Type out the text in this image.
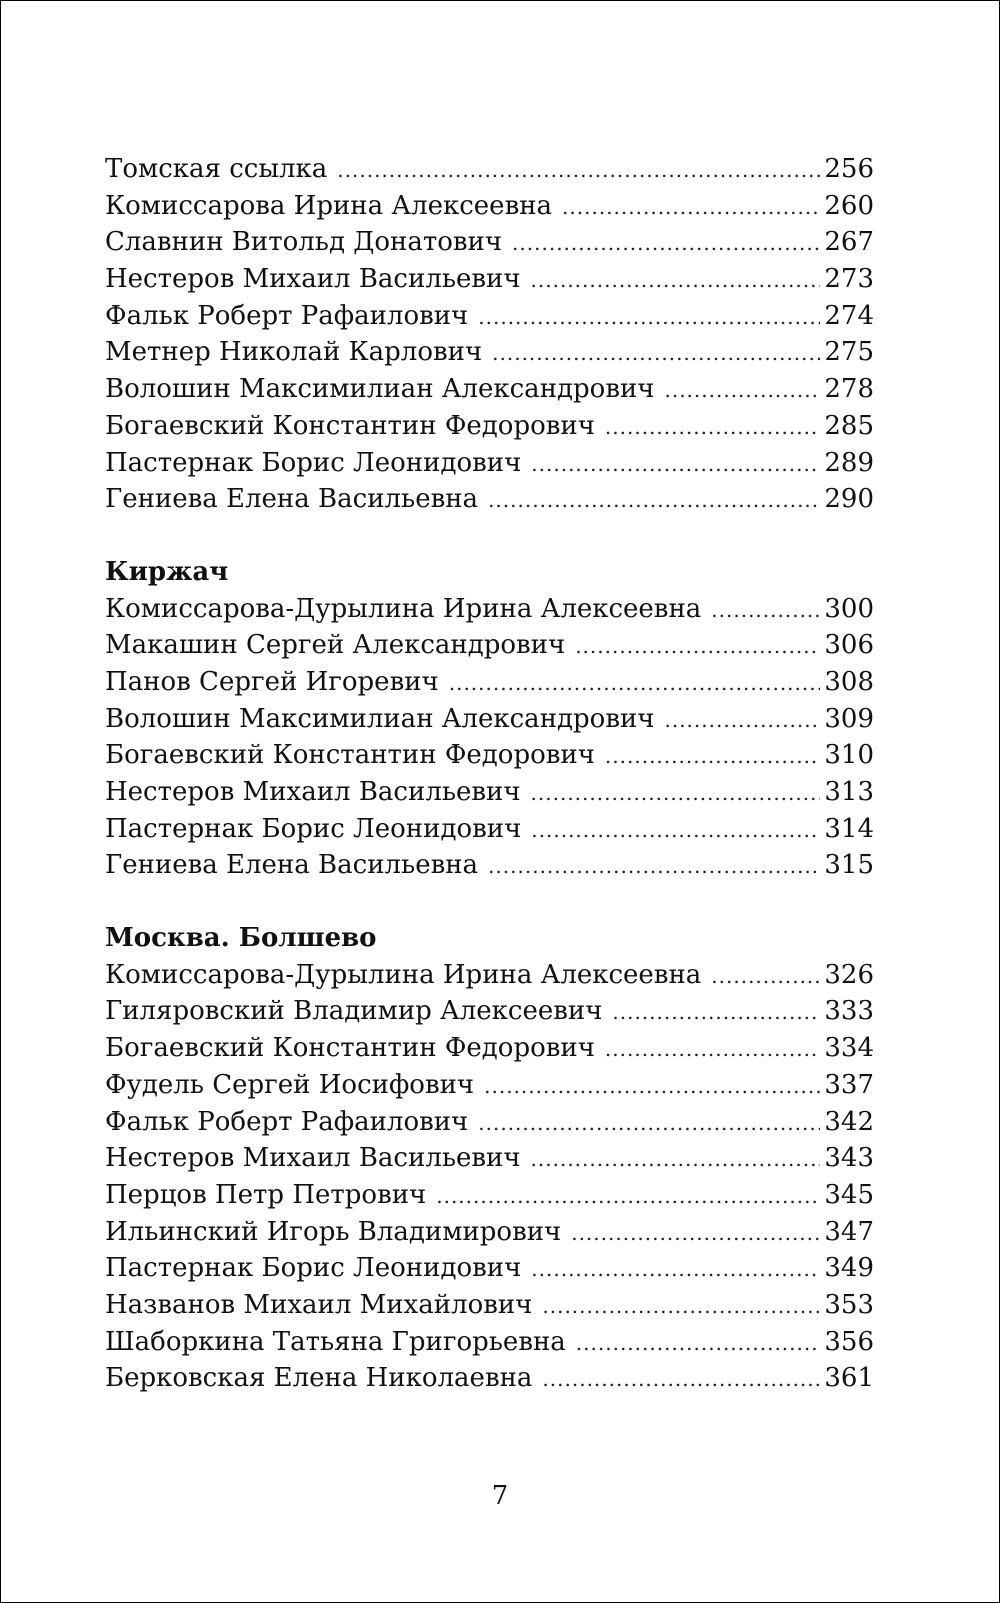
Томская ссылка .....	256
Комиссарова Ирина Алексеевна .....	260
Славнин Витольд Донатович .....	267
Нестеров Михаил Васильевич .....	273
Фальк Роберт Рафаилович .....	274
Метнер Николай Карлович .....	275
Волошин Максимилиан Александрович .....	278
Богаевский Константин Федорович .....	285
Пастернак Борис Леонидович .....	289
Гениева Елена Васильевна .....	290
Киржач
Комиссарова-Дурылина Ирина Алексеевна .....	300
Макашин Сергей Александрович .....	306
Панов Сергей Игоревич .....	308
Волошин Максимилиан Александрович .....	309
Богаевский Константин Федорович .....	310
Нестеров Михаил Васильевич .....	313
Пастернак Борис Леонидович .....	314
Гениева Елена Васильевна .....	315
Москва. Болшево
Комиссарова-Дурылина Ирина Алексеевна .....	326
Гиляровский Владимир Алексеевич .....	333
Богаевский Константин Федорович .....	334
Фудель Сергей Иосифович .....	337
Фальк Роберт Рафаилович .....	342
Нестеров Михаил Васильевич .....	343
Перцов Петр Петрович .....	345
Ильинский Игорь Владимирович .....	347
Пастернак Борис Леонидович .....	349
Названов Михаил Михайлович .....	353
Шаборкина Татьяна Григорьевна .....	356
Берковская Елена Николаевна .....	361
7
